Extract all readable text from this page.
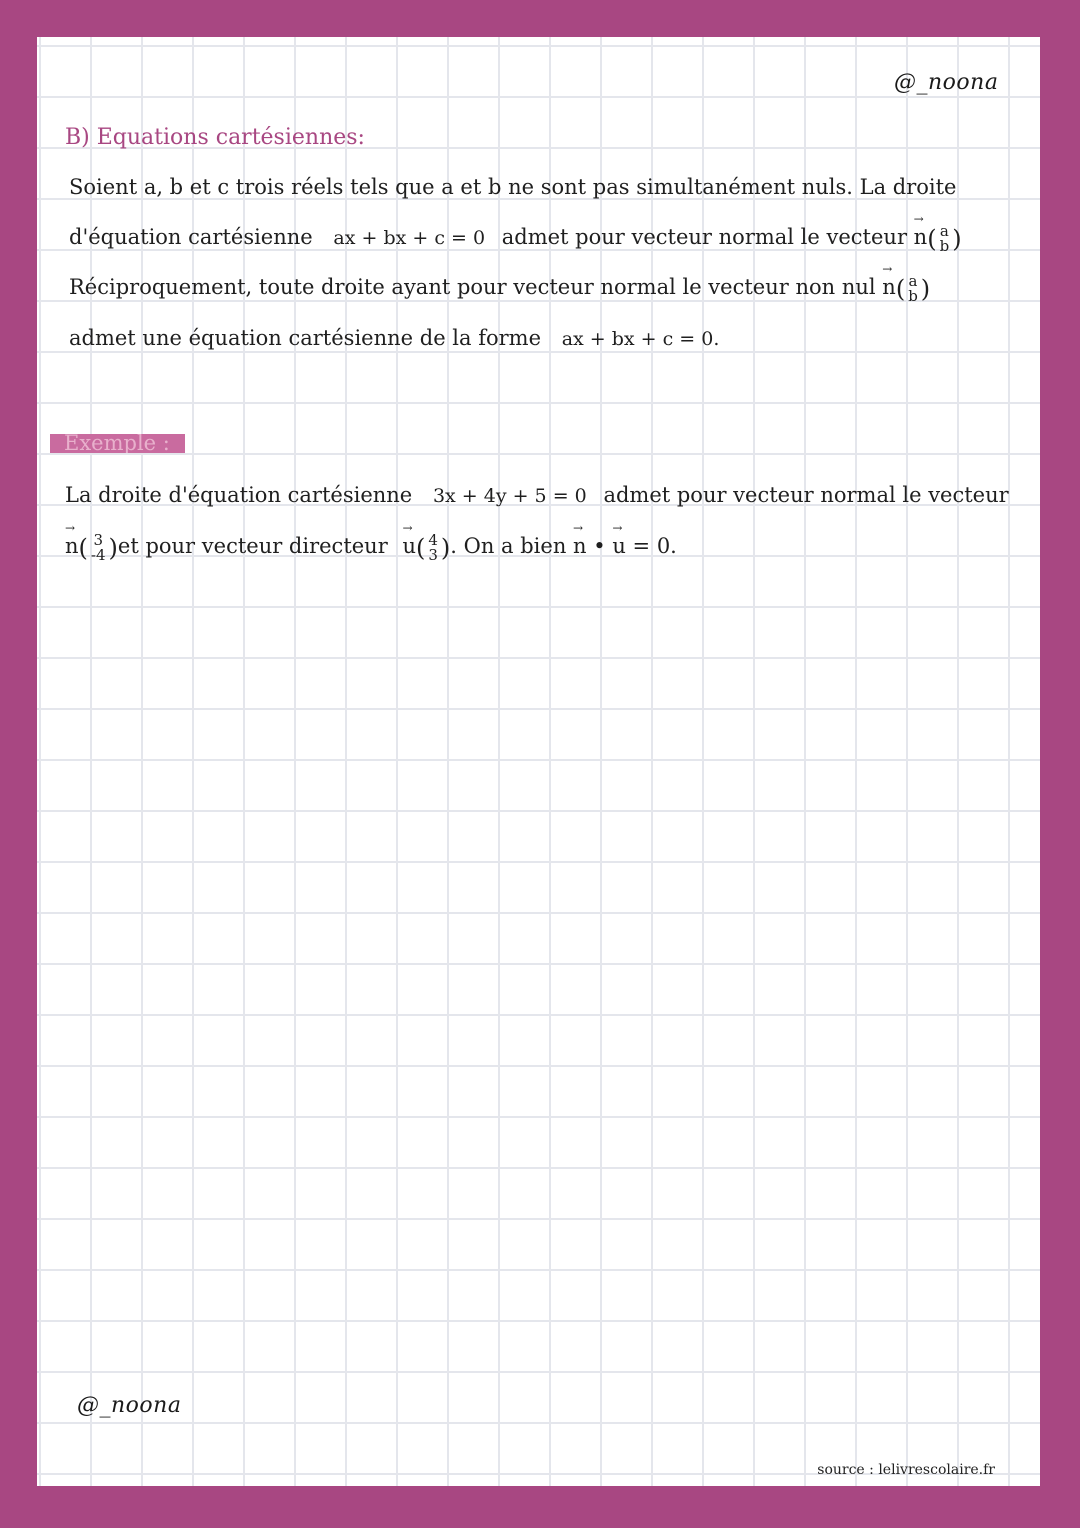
@_noona
B) Equations cartésiennes:
Soient a, b et c trois réels tels que a et b ne sont pas simultanément nuls. La droite
d'équation cartésienne ax + bx + c = 0 admet pour vecteur normal le vecteur
→
n( a
b )
Réciproquement, toute droite ayant pour vecteur normal le vecteur non nul
→
n( a
b )
admet une équation cartésienne de la forme ax + bx + c = 0.
Exemple :
La droite d'équation cartésienne 3x + 4y + 5 = 0 admet pour vecteur normal le vecteur
→
n( 3
-4 )et pour vecteur directeur
→
u( 4
3 ). On a bien
→
n •
→
u = 0.
@_noona
source : lelivrescolaire.fr
